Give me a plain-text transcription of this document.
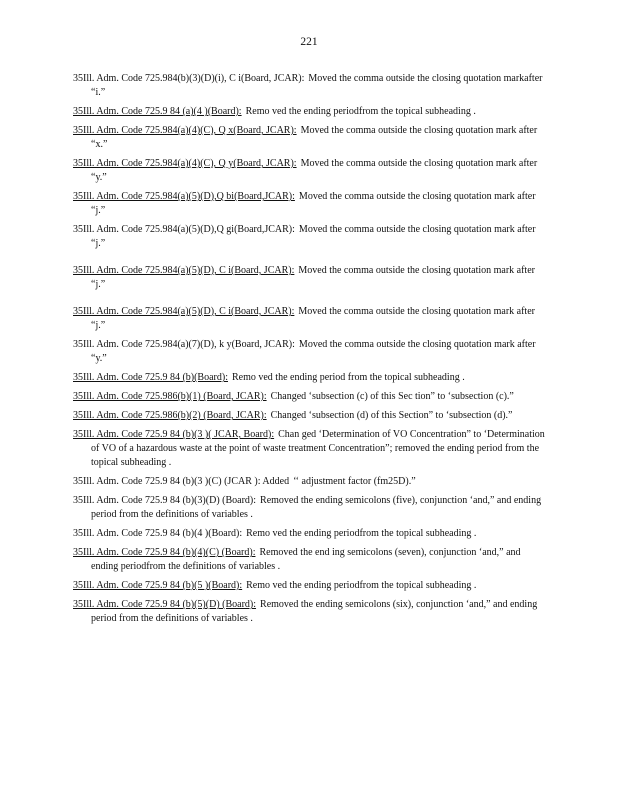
221
35Ill. Adm. Code 725.984(b)(3)(D)(i), C i(Board, JCAR): Moved the comma outside the closing quotation markafter “i.”
35Ill. Adm. Code 725.9 84 (a)(4 )(Board): Remo ved the ending periodfrom the topical subheading .
35Ill. Adm. Code 725.984(a)(4)(C), Q x(Board, JCAR): Moved the comma outside the closing quotation mark after “x.”
35Ill. Adm. Code 725.984(a)(4)(C), Q y(Board, JCAR): Moved the comma outside the closing quotation mark after “y.”
35Ill. Adm. Code 725.984(a)(5)(D),Q bi(Board,JCAR): Moved the comma outside the closing quotation mark after “j.”
35Ill. Adm. Code 725.984(a)(5)(D),Q gi(Board,JCAR): Moved the comma outside the closing quotation mark after “j.”
35Ill. Adm. Code 725.984(a)(5)(D), C i(Board, JCAR): Moved the comma outside the closing quotation mark after “j.”
35Ill. Adm. Code 725.984(a)(5)(D), C i(Board, JCAR): Moved the comma outside the closing quotation mark after “j.”
35Ill. Adm. Code 725.984(a)(7)(D), k y(Board, JCAR): Moved the comma outside the closing quotation mark after “y.”
35Ill. Adm. Code 725.9 84 (b)(Board): Remo ved the ending period from the topical subheading .
35Ill. Adm. Code 725.986(b)(1) (Board, JCAR): Changed ‘subsection (c) of this Sec tion” to ‘subsection (c).”
35Ill. Adm. Code 725.986(b)(2) (Board, JCAR): Changed ‘subsection (d) of this Section” to ‘subsection (d).”
35Ill. Adm. Code 725.9 84 (b)(3 )( JCAR, Board): Chan ged ‘Determination of VO Concentration” to ‘Determination of VO of a hazardous waste at the point of waste treatment Concentration”; removed the ending period from the topical subheading .
35Ill. Adm. Code 725.9 84 (b)(3 )(C) (JCAR ): Added ‘‘ adjustment factor (fm25D).”
35Ill. Adm. Code 725.9 84 (b)(3)(D) (Board): Removed the ending semicolons (five), conjunction ‘and,” and ending period from the definitions of variables .
35Ill. Adm. Code 725.9 84 (b)(4 )(Board): Remo ved the ending periodfrom the topical subheading .
35Ill. Adm. Code 725.9 84 (b)(4)(C) (Board): Removed the end ing semicolons (seven), conjunction ‘and,” and ending periodfrom the definitions of variables .
35Ill. Adm. Code 725.9 84 (b)(5 )(Board): Remo ved the ending periodfrom the topical subheading .
35Ill. Adm. Code 725.9 84 (b)(5)(D) (Board): Removed the ending semicolons (six), conjunction ‘and,” and ending period from the definitions of variables .
